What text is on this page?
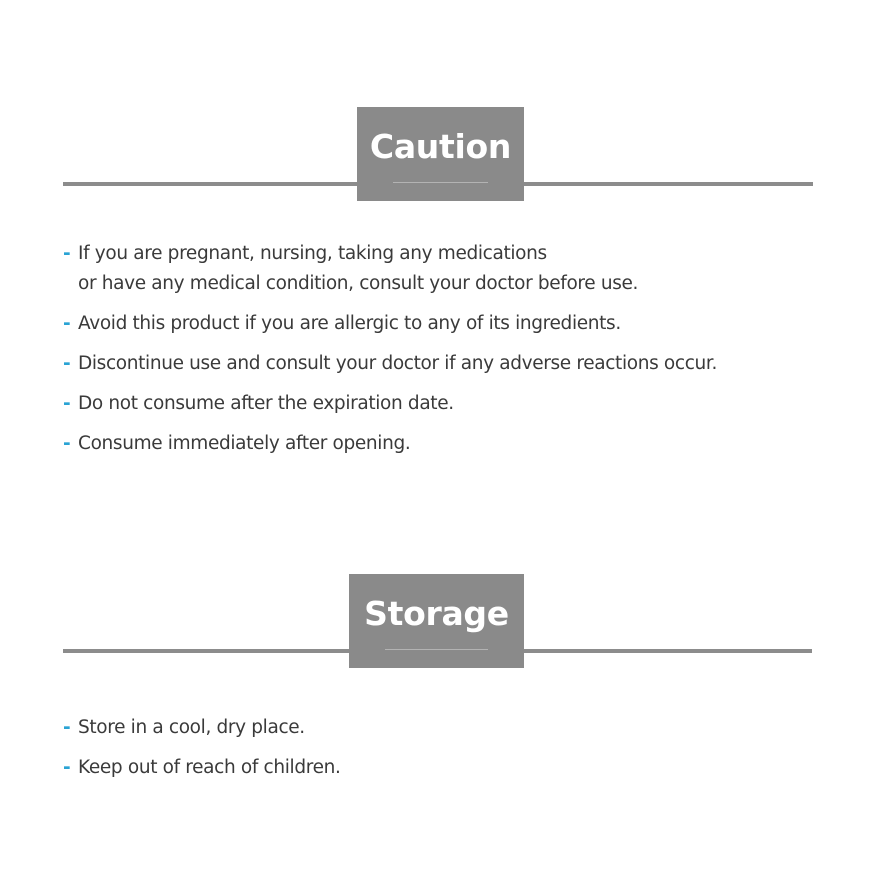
Caution
- If you are pregnant, nursing, taking any medications
or have any medical condition, consult your doctor before use.
- Avoid this product if you are allergic to any of its ingredients.
- Discontinue use and consult your doctor if any adverse reactions occur.
- Do not consume after the expiration date.
- Consume immediately after opening.
Storage
- Store in a cool, dry place.
- Keep out of reach of children.
